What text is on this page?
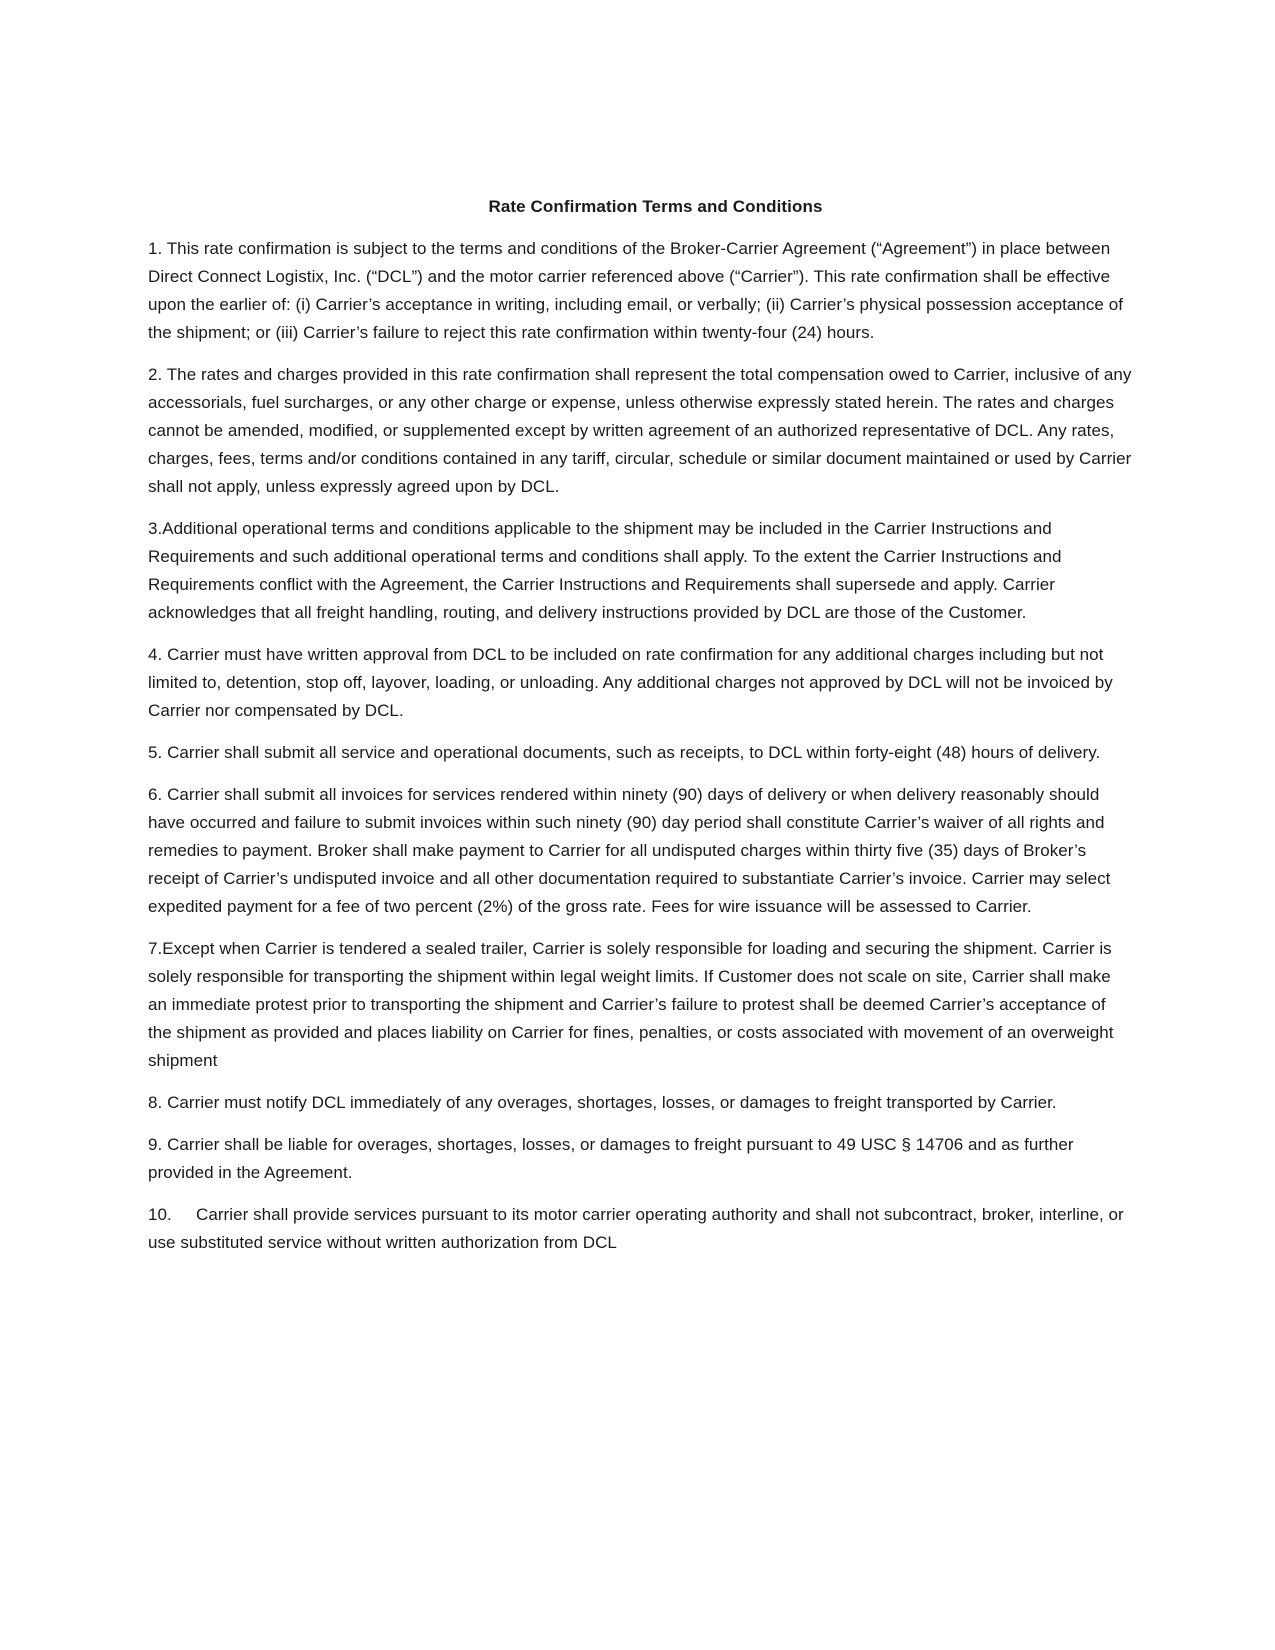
Rate Confirmation Terms and Conditions

1. This rate confirmation is subject to the terms and conditions of the Broker-Carrier Agreement (“Agreement”) in place between Direct Connect Logistix, Inc. (“DCL”) and the motor carrier referenced above (“Carrier”). This rate confirmation shall be effective upon the earlier of: (i) Carrier’s acceptance in writing, including email, or verbally; (ii) Carrier’s physical possession acceptance of the shipment; or (iii) Carrier’s failure to reject this rate confirmation within twenty-four (24) hours.

2. The rates and charges provided in this rate confirmation shall represent the total compensation owed to Carrier, inclusive of any accessorials, fuel surcharges, or any other charge or expense, unless otherwise expressly stated herein. The rates and charges cannot be amended, modified, or supplemented except by written agreement of an authorized representative of DCL. Any rates, charges, fees, terms and/or conditions contained in any tariff, circular, schedule or similar document maintained or used by Carrier shall not apply, unless expressly agreed upon by DCL.

3.Additional operational terms and conditions applicable to the shipment may be included in the Carrier Instructions and Requirements and such additional operational terms and conditions shall apply. To the extent the Carrier Instructions and Requirements conflict with the Agreement, the Carrier Instructions and Requirements shall supersede and apply. Carrier acknowledges that all freight handling, routing, and delivery instructions provided by DCL are those of the Customer.

4. Carrier must have written approval from DCL to be included on rate confirmation for any additional charges including but not limited to, detention, stop off, layover, loading, or unloading. Any additional charges not approved by DCL will not be invoiced by Carrier nor compensated by DCL.

5. Carrier shall submit all service and operational documents, such as receipts, to DCL within forty-eight (48) hours of delivery.

6. Carrier shall submit all invoices for services rendered within ninety (90) days of delivery or when delivery reasonably should have occurred and failure to submit invoices within such ninety (90) day period shall constitute Carrier’s waiver of all rights and remedies to payment. Broker shall make payment to Carrier for all undisputed charges within thirty five (35) days of Broker’s receipt of Carrier’s undisputed invoice and all other documentation required to substantiate Carrier’s invoice. Carrier may select expedited payment for a fee of two percent (2%) of the gross rate. Fees for wire issuance will be assessed to Carrier.

7.Except when Carrier is tendered a sealed trailer, Carrier is solely responsible for loading and securing the shipment. Carrier is solely responsible for transporting the shipment within legal weight limits. If Customer does not scale on site, Carrier shall make an immediate protest prior to transporting the shipment and Carrier’s failure to protest shall be deemed Carrier’s acceptance of the shipment as provided and places liability on Carrier for fines, penalties, or costs associated with movement of an overweight shipment

8. Carrier must notify DCL immediately of any overages, shortages, losses, or damages to freight transported by Carrier.

9. Carrier shall be liable for overages, shortages, losses, or damages to freight pursuant to 49 USC § 14706 and as further provided in the Agreement.

10. Carrier shall provide services pursuant to its motor carrier operating authority and shall not subcontract, broker, interline, or use substituted service without written authorization from DCL
